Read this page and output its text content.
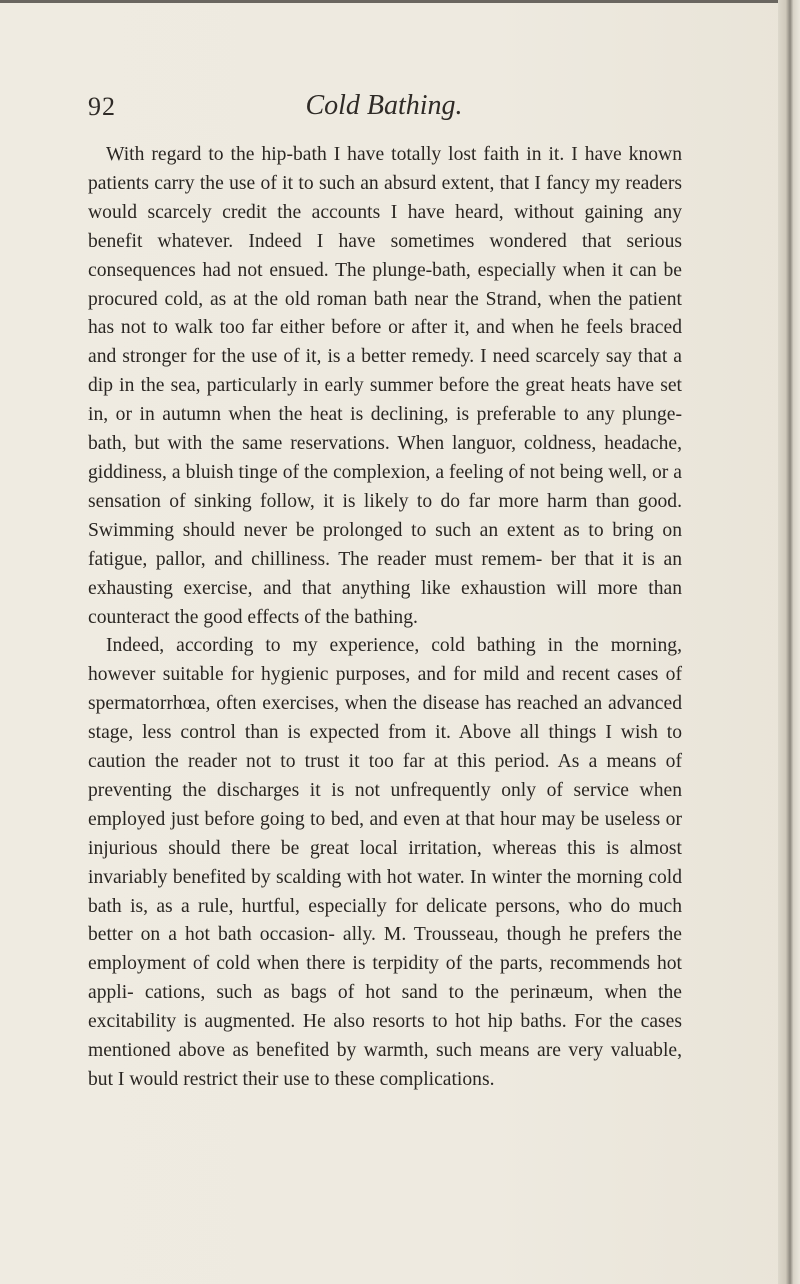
92	Cold Bathing.

With regard to the hip-bath I have totally lost faith in it. I have known patients carry the use of it to such an absurd extent, that I fancy my readers would scarcely credit the accounts I have heard, without gaining any benefit whatever. Indeed I have sometimes wondered that serious consequences had not ensued. The plunge-bath, especially when it can be procured cold, as at the old roman bath near the Strand, when the patient has not to walk too far either before or after it, and when he feels braced and stronger for the use of it, is a better remedy. I need scarcely say that a dip in the sea, particularly in early summer before the great heats have set in, or in autumn when the heat is declining, is preferable to any plunge-bath, but with the same reservations. When languor, coldness, headache, giddiness, a bluish tinge of the complexion, a feeling of not being well, or a sensation of sinking follow, it is likely to do far more harm than good. Swimming should never be prolonged to such an extent as to bring on fatigue, pallor, and chilliness. The reader must remem- ber that it is an exhausting exercise, and that anything like exhaustion will more than counteract the good effects of the bathing.

Indeed, according to my experience, cold bathing in the morning, however suitable for hygienic purposes, and for mild and recent cases of spermatorrhœa, often exercises, when the disease has reached an advanced stage, less control than is expected from it. Above all things I wish to caution the reader not to trust it too far at this period. As a means of preventing the discharges it is not unfrequently only of service when employed just before going to bed, and even at that hour may be useless or injurious should there be great local irritation, whereas this is almost invariably benefited by scalding with hot water. In winter the morning cold bath is, as a rule, hurtful, especially for delicate persons, who do much better on a hot bath occasion- ally. M. Trousseau, though he prefers the employment of cold when there is terpidity of the parts, recommends hot appli- cations, such as bags of hot sand to the perinæum, when the excitability is augmented. He also resorts to hot hip baths. For the cases mentioned above as benefited by warmth, such means are very valuable, but I would restrict their use to these complications.
